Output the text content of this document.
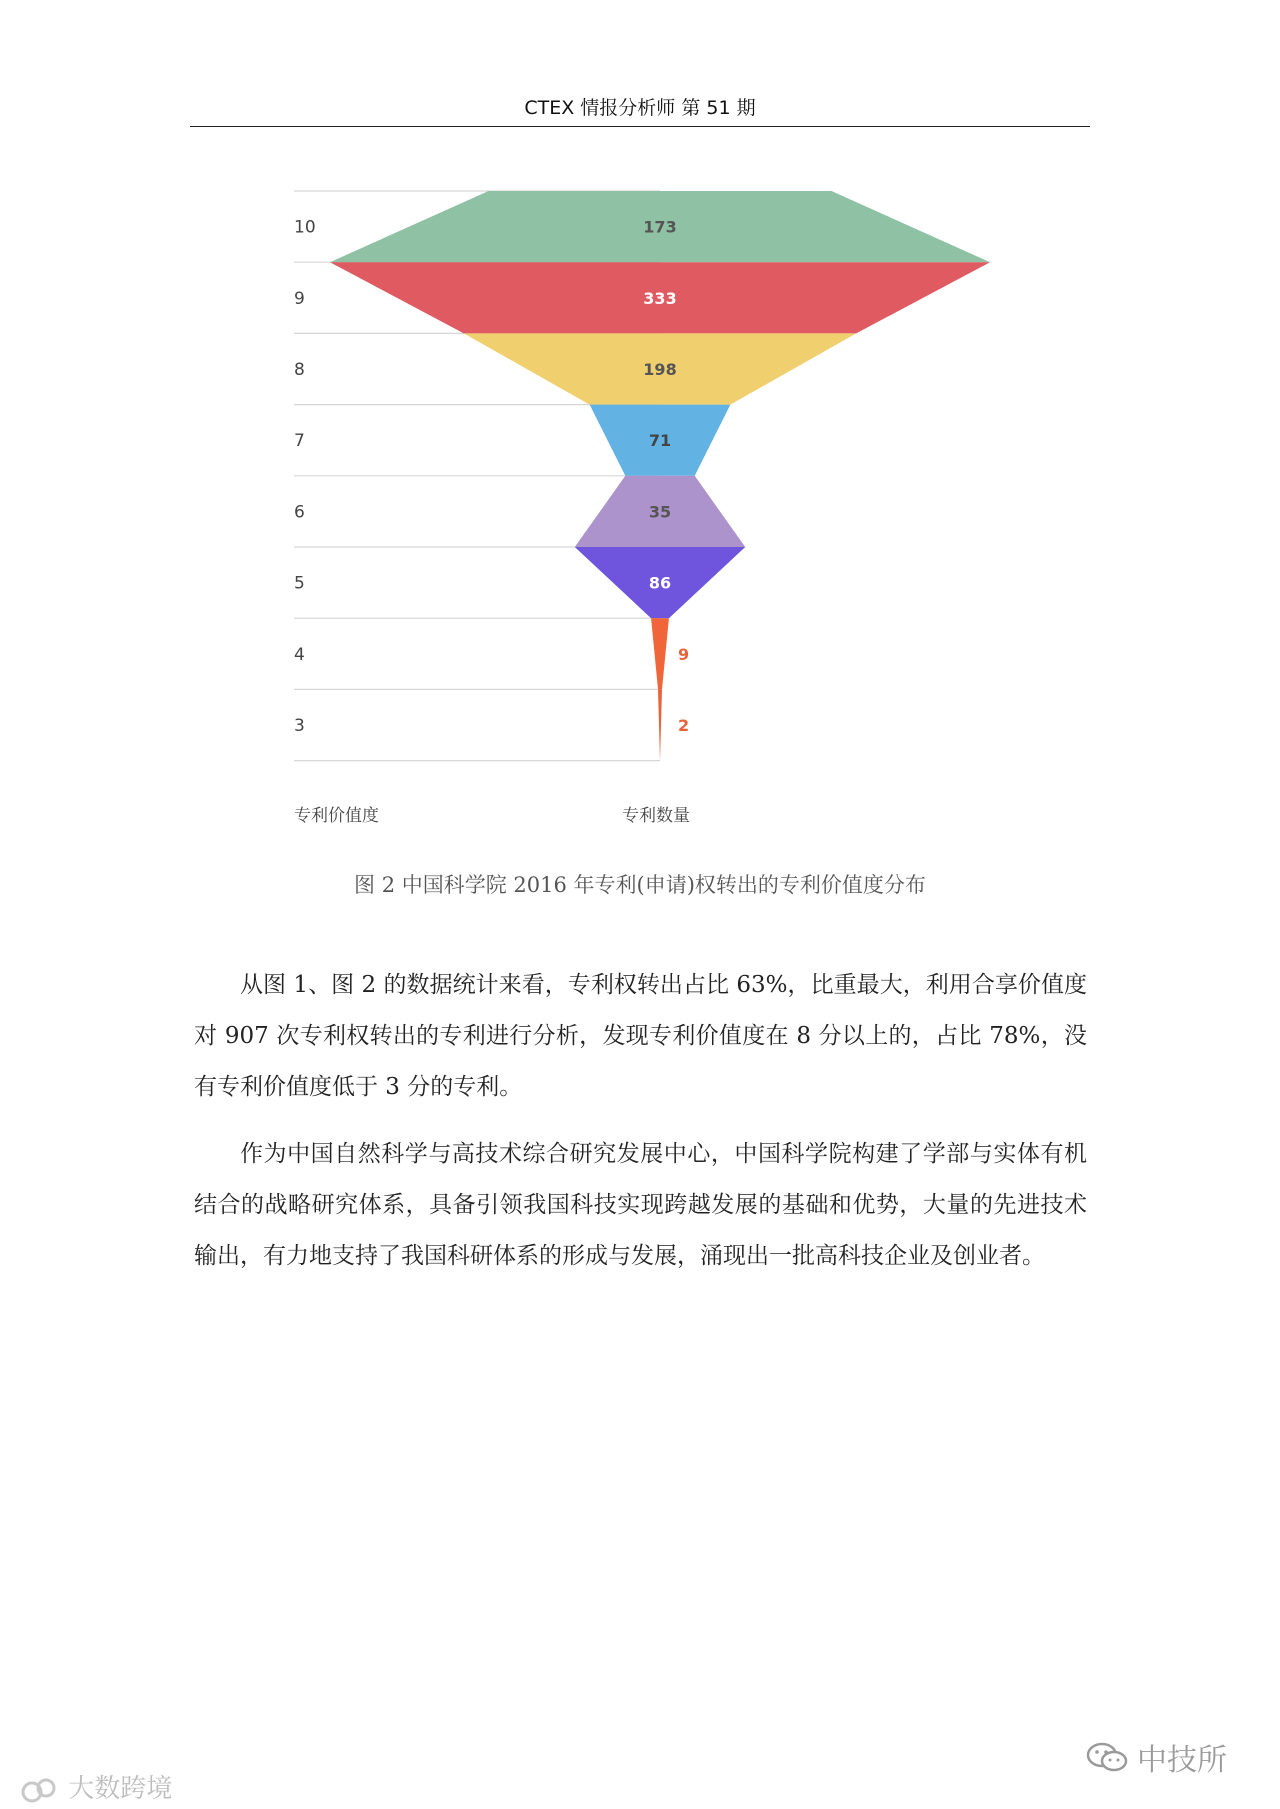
CTEX 情报分析师 第 51 期
10
9
8
7
6
5
4
3
173
333
198
71
35
86
9
2
专利价值度	专利数量
图 2 中国科学院 2016 年专利(申请)权转出的专利价值度分布

从图 1、图 2 的数据统计来看，专利权转出占比 63%，比重最大，利用合享价值度对 907 次专利权转出的专利进行分析，发现专利价值度在 8 分以上的，占比 78%，没有专利价值度低于 3 分的专利。

作为中国自然科学与高技术综合研究发展中心，中国科学院构建了学部与实体有机结合的战略研究体系，具备引领我国科技实现跨越发展的基础和优势，大量的先进技术输出，有力地支持了我国科研体系的形成与发展，涌现出一批高科技企业及创业者。

大数跨境
中技所
